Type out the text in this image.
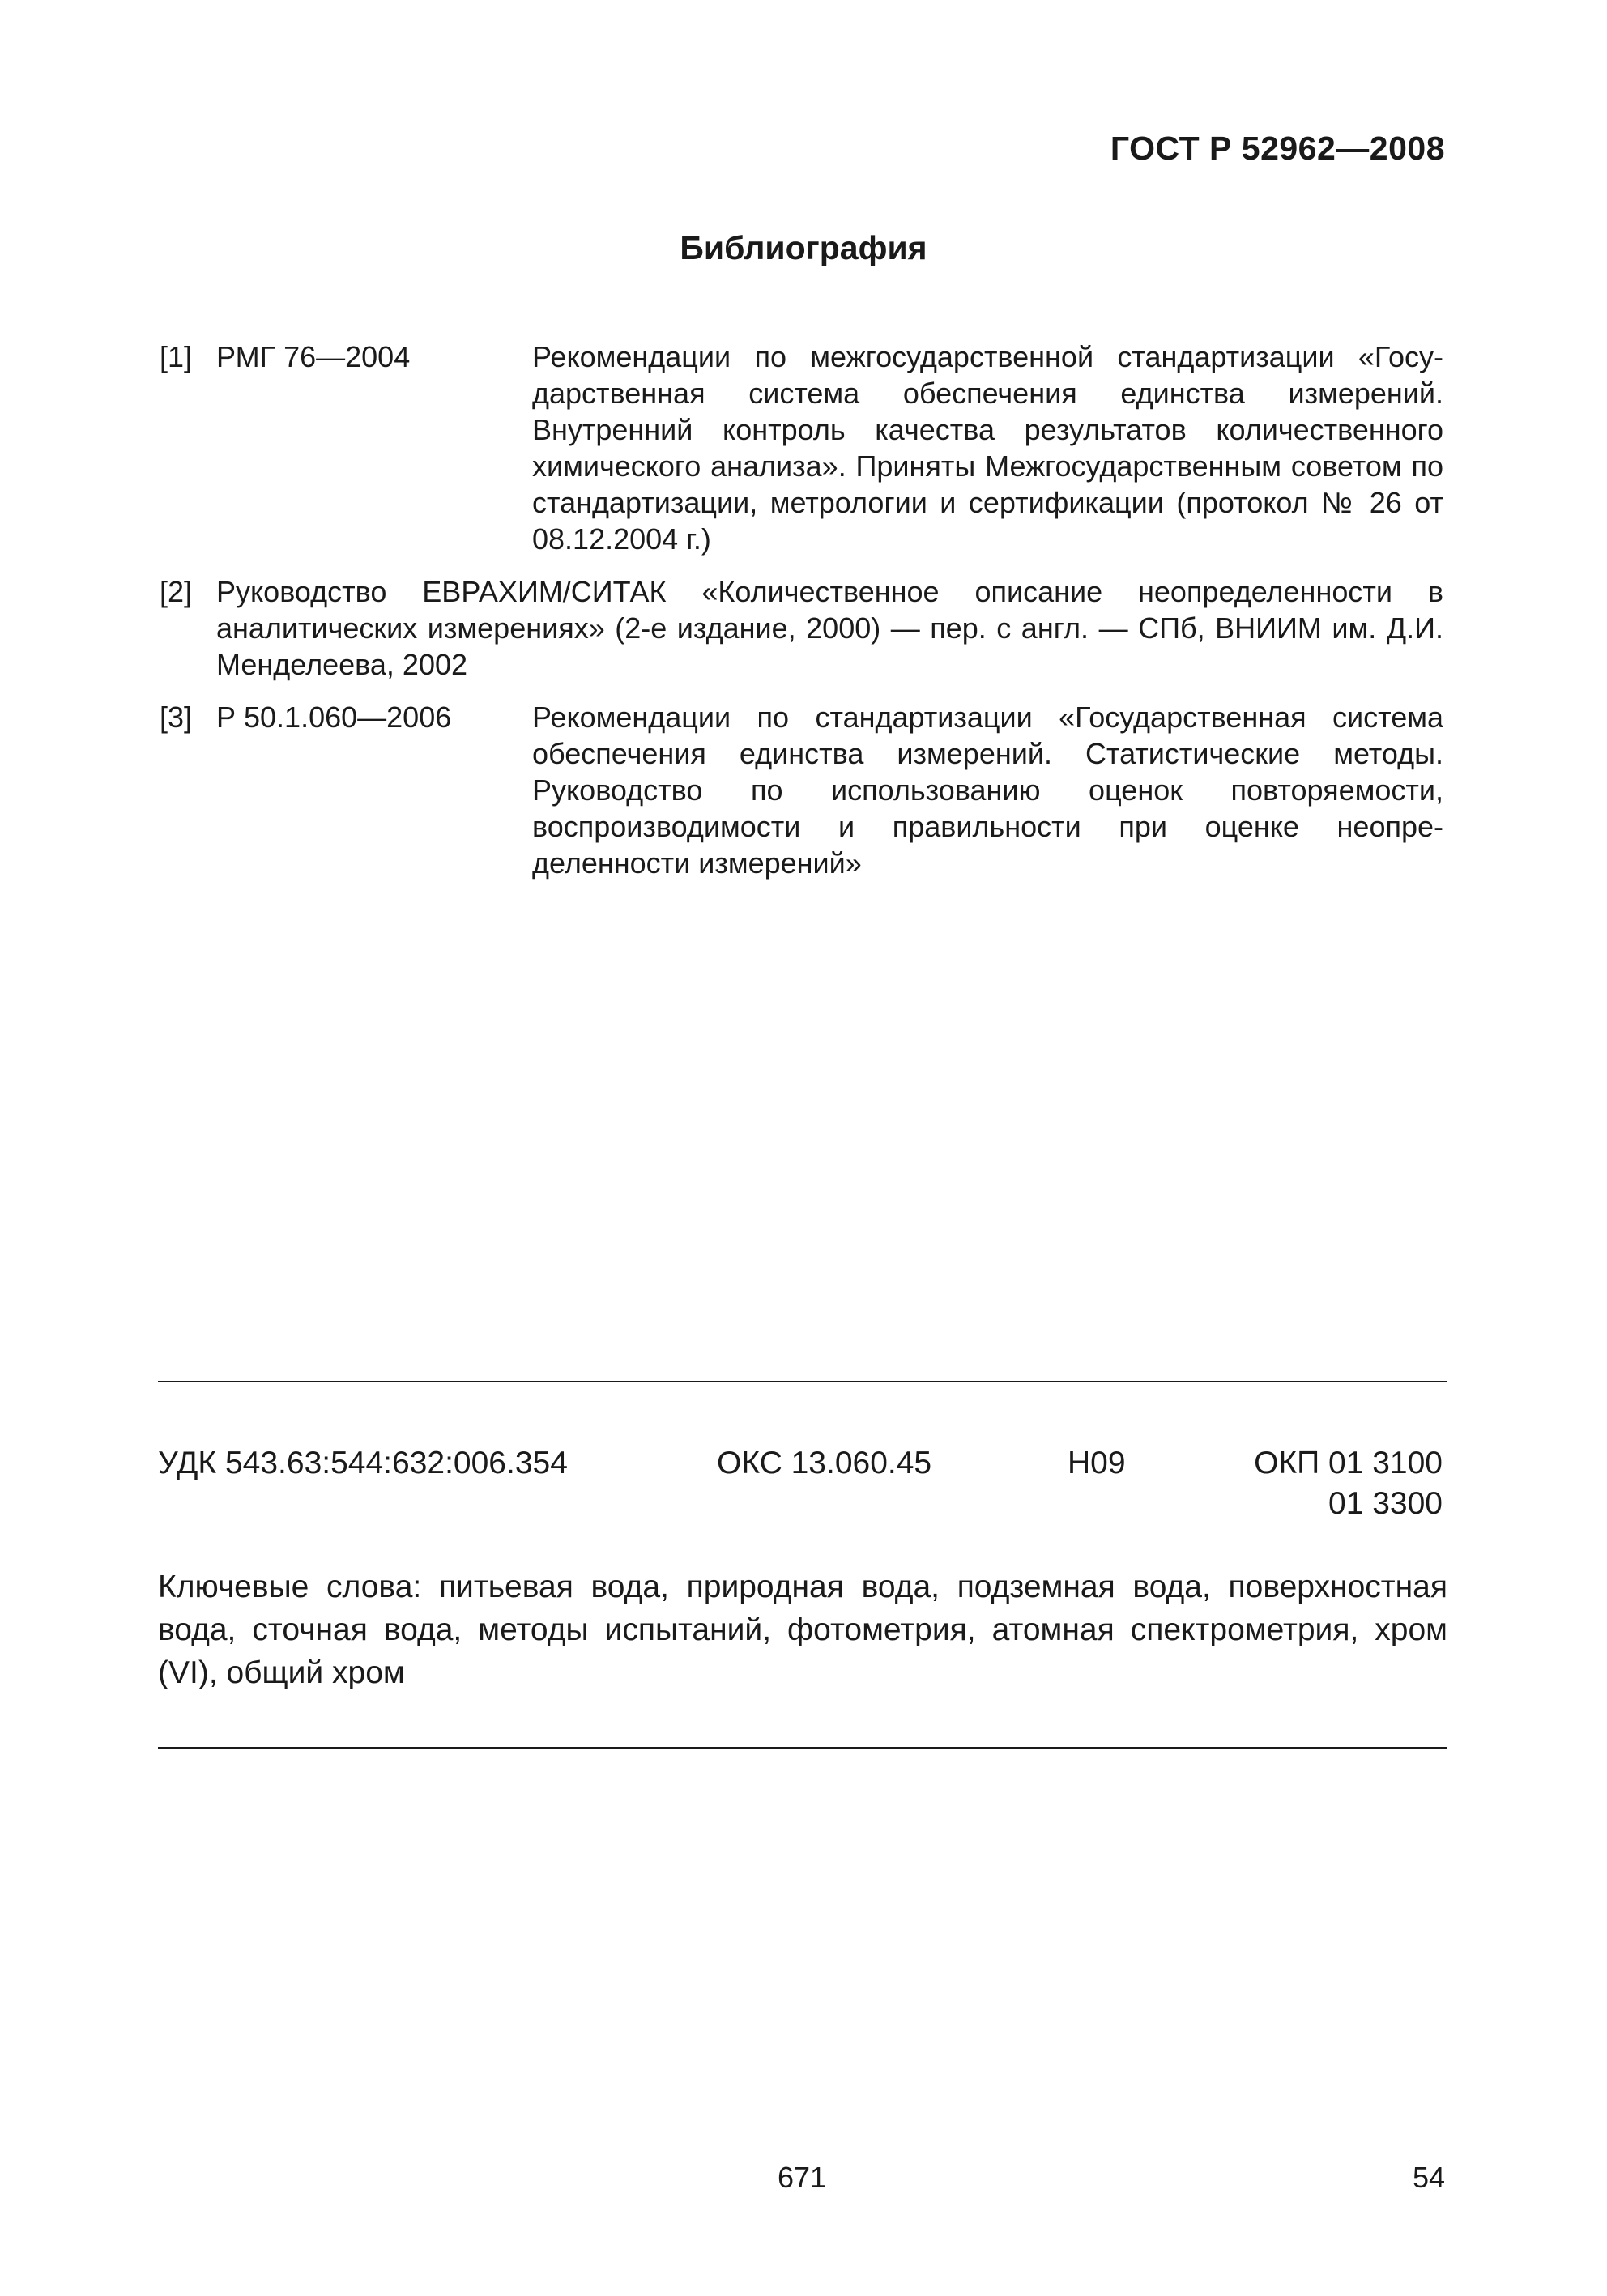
ГОСТ Р 52962—2008
Библиография
[1] РМГ 76—2004	Рекомендации по межгосударственной стандартизации «Госу-дарственная система обеспечения единства измерений. Внутренний контроль качества результатов количественного химического анализа». Приняты Межгосударственным советом по стандартизации, метрологии и сертификации (протокол № 26 от 08.12.2004 г.)
[2] Руководство ЕВРАХИМ/СИТАК «Количественное описание неопределенности в аналитических измерениях» (2-е издание, 2000) — пер. с англ. — СПб, ВНИИМ им. Д.И. Менделеева, 2002
[3] Р 50.1.060—2006	Рекомендации по стандартизации «Государственная система обеспечения единства измерений. Статистические методы. Руководство по использованию оценок повторяемости, воспроизводимости и правильности при оценке неопре-деленности измерений»
УДК 543.63:544:632:006.354	ОКС 13.060.45	Н09	ОКП 01 3100
01 3300
Ключевые слова: питьевая вода, природная вода, подземная вода, поверхностная вода, сточная вода, методы испытаний, фотометрия, атомная спектрометрия, хром (VI), общий хром
671	54
